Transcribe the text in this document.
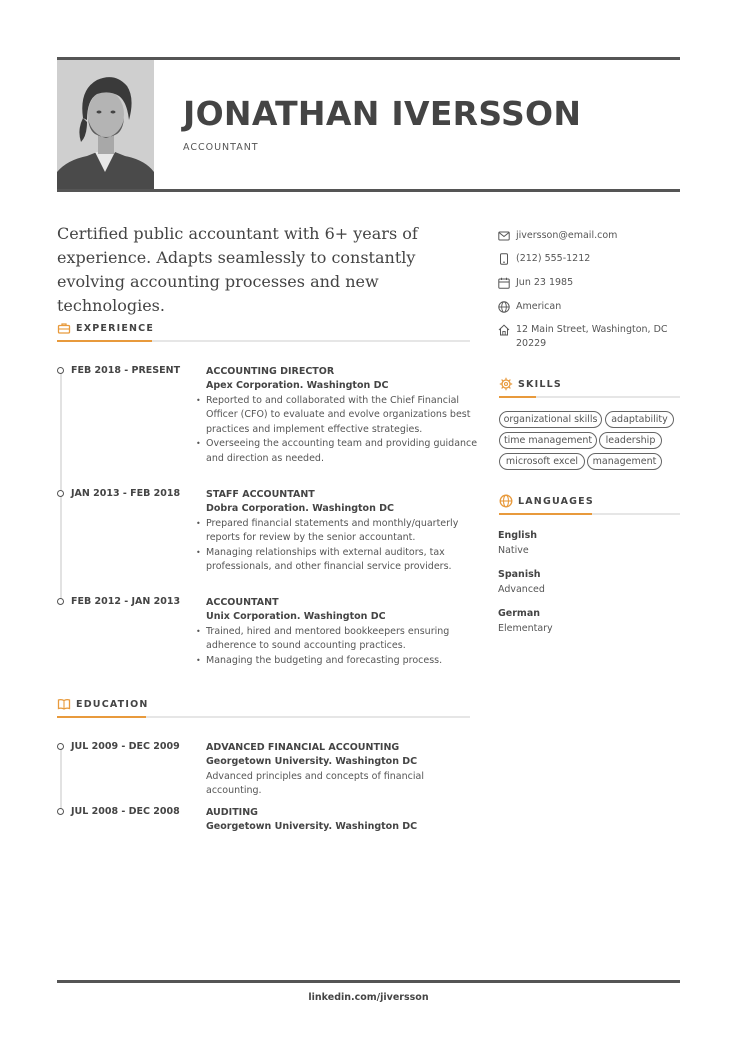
JONATHAN IVERSSON
ACCOUNTANT

Certified public accountant with 6+ years of experience. Adapts seamlessly to constantly evolving accounting processes and new technologies.

EXPERIENCE
FEB 2018 - PRESENT	ACCOUNTING DIRECTOR
Apex Corporation. Washington DC
• Reported to and collaborated with the Chief Financial Officer (CFO) to evaluate and evolve organizations best practices and implement effective strategies.
• Overseeing the accounting team and providing guidance and direction as needed.
JAN 2013 - FEB 2018	STAFF ACCOUNTANT
Dobra Corporation. Washington DC
• Prepared financial statements and monthly/quarterly reports for review by the senior accountant.
• Managing relationships with external auditors, tax professionals, and other financial service providers.
FEB 2012 - JAN 2013	ACCOUNTANT
Unix Corporation. Washington DC
• Trained, hired and mentored bookkeepers ensuring adherence to sound accounting practices.
• Managing the budgeting and forecasting process.
EDUCATION
JUL 2009 - DEC 2009	ADVANCED FINANCIAL ACCOUNTING
Georgetown University. Washington DC
Advanced principles and concepts of financial accounting.
JUL 2008 - DEC 2008	AUDITING
Georgetown University. Washington DC
jiversson@email.com
(212) 555-1212
Jun 23 1985
American
12 Main Street, Washington, DC 20229
SKILLS
organizational skills	adaptability
time management	leadership
microsoft excel	management
LANGUAGES
English
Native
Spanish
Advanced
German
Elementary
linkedin.com/jiversson
